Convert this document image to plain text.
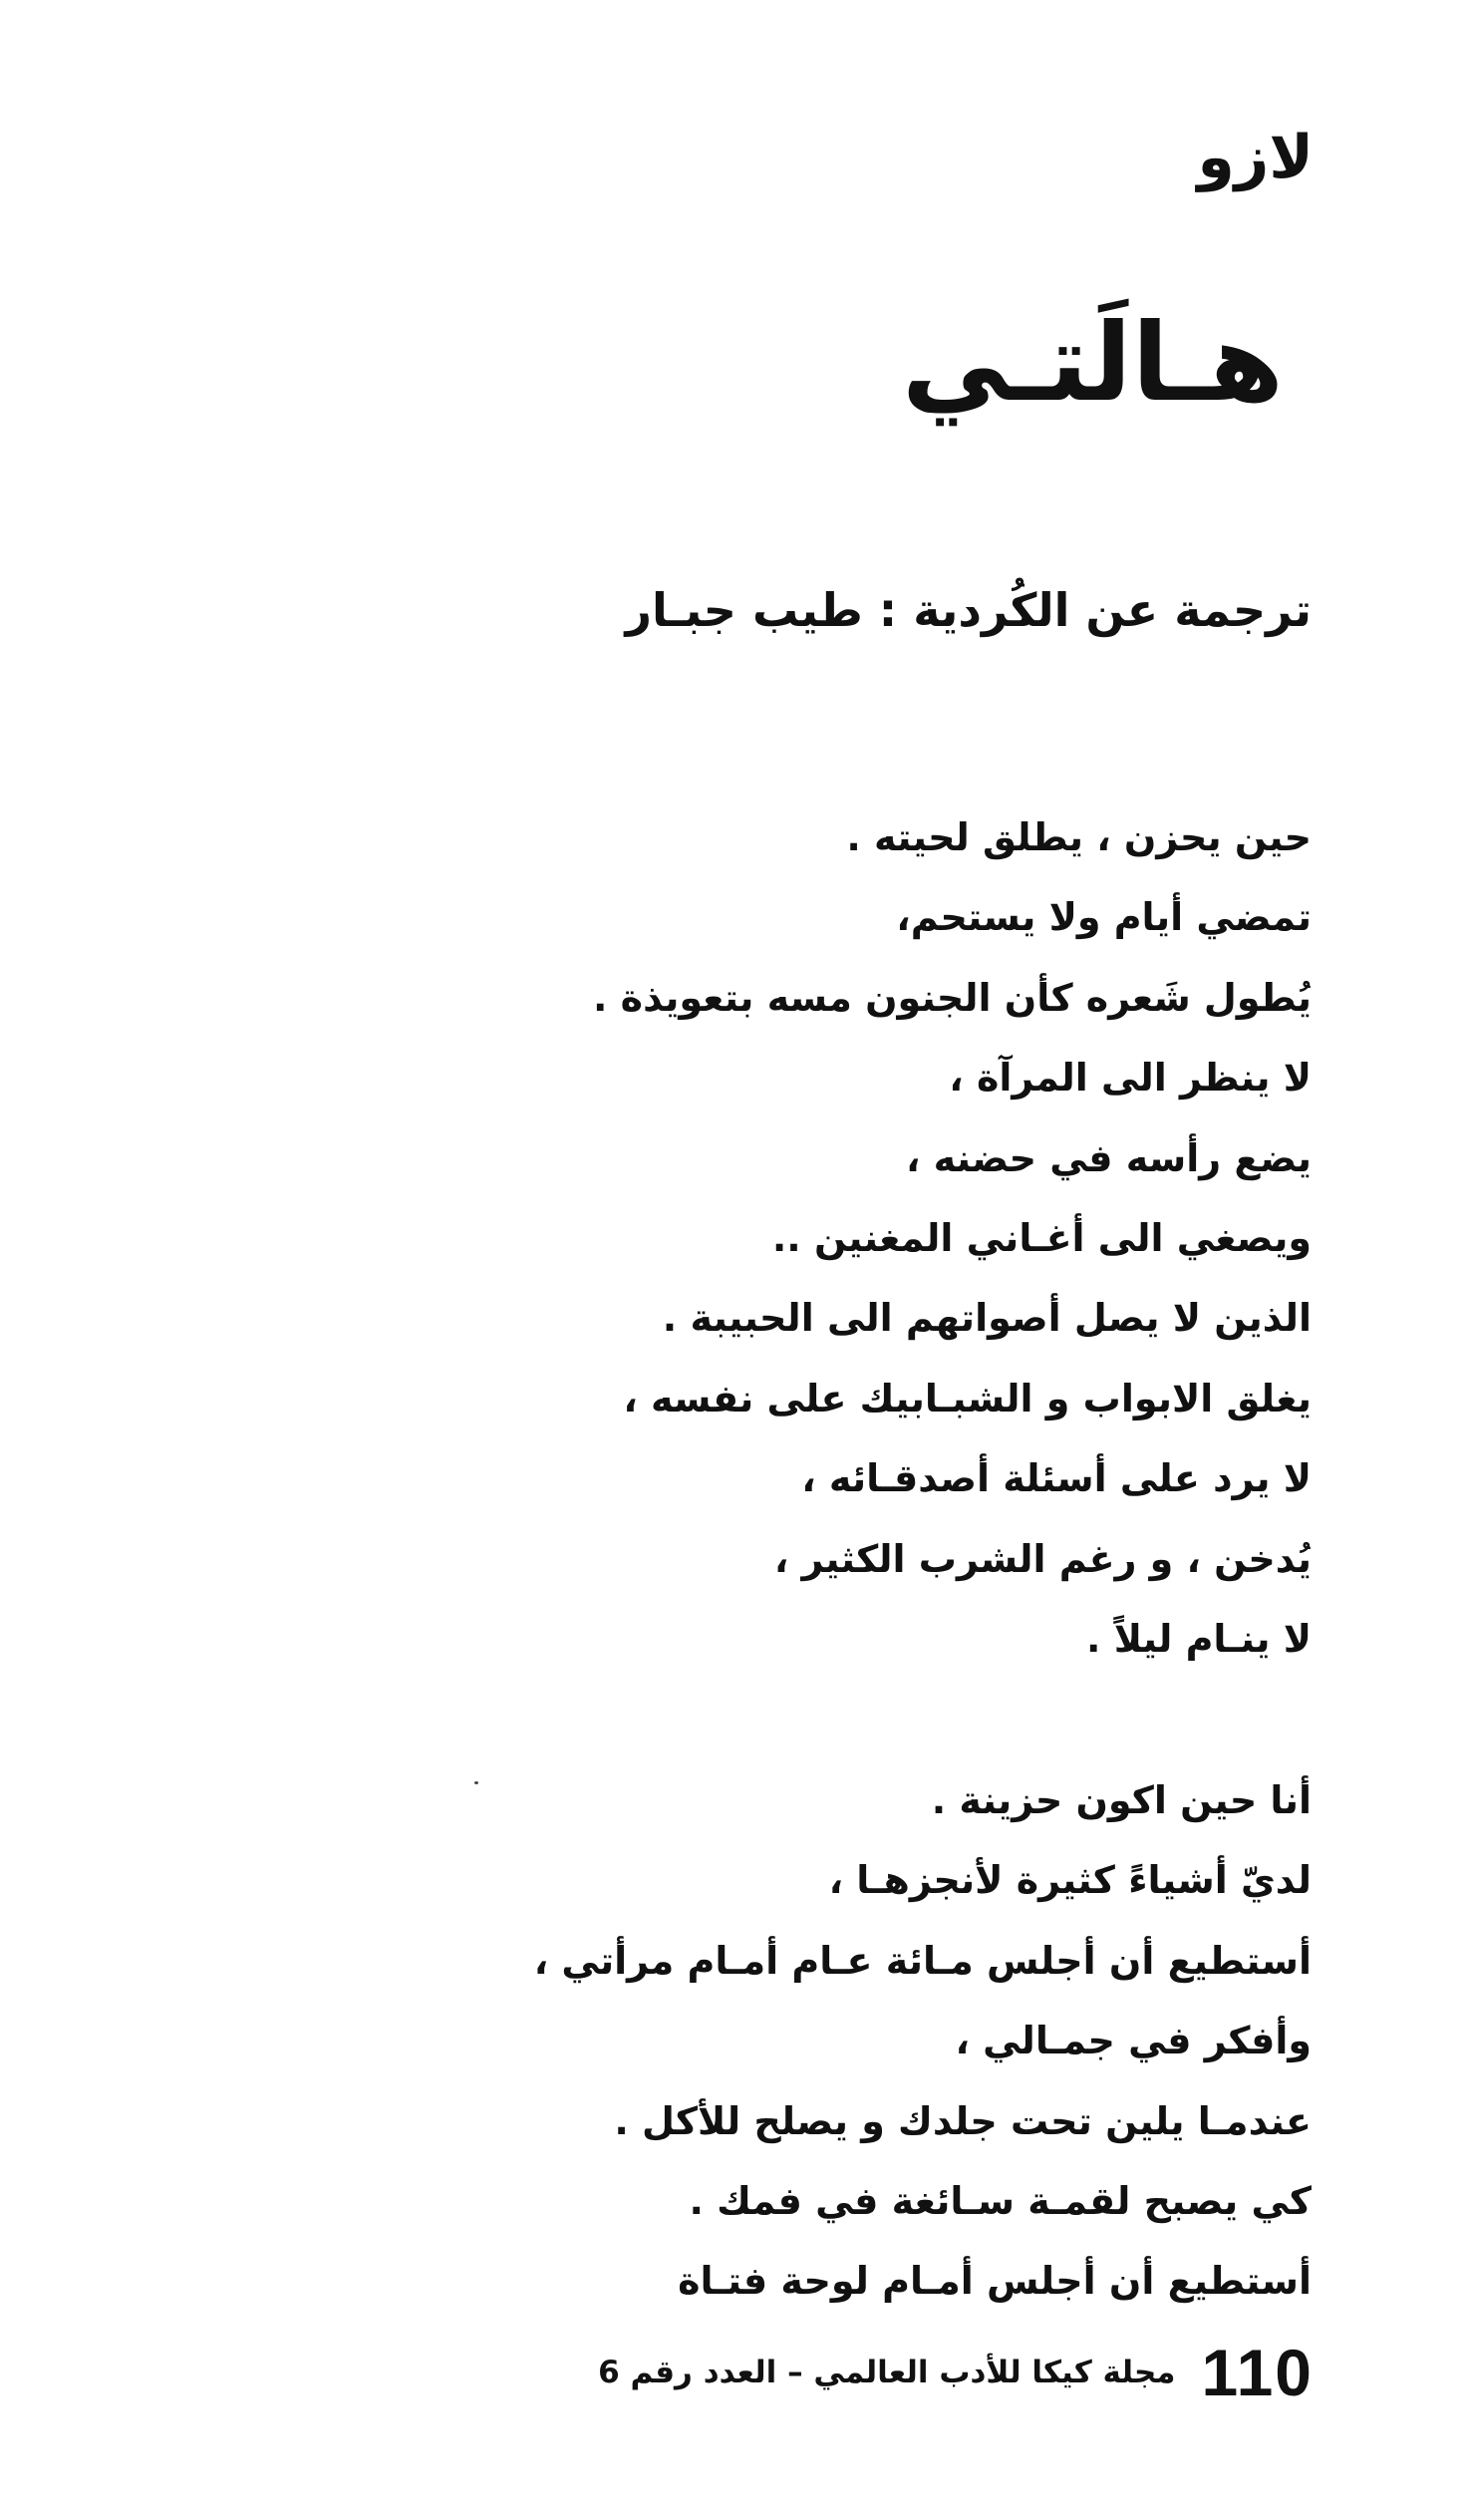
لازو
هـالَتـي
ترجمة عن الكُردية : طيب جبـار
حين يحزن ، يطلق لحيته .
تمضي أيام ولا يستحم،
يُطول شَعره كأن الجنون مسه بتعويذة .
لا ينظر الى المرآة ،
يضع رأسه في حضنه ،
ويصغي الى أغـاني المغنين ..
الذين لا يصل أصواتهم الى الحبيبة .
يغلق الابواب و الشبـابيك على نفسه ،
لا يرد على أسئلة أصدقـائه ،
يُدخن ، و رغم الشرب الكثير ،
لا ينـام ليلاً .
أنا حين اكون حزينة .
لديّ أشياءً كثيرة لأنجزهـا ،
أستطيع أن أجلس مـائة عـام أمـام مرأتي ،
وأفكر في جمـالي ،
عندمـا يلين تحت جلدك و يصلح للأكل .
كي يصبح لقمـة سـائغة في فمك .
أستطيع أن أجلس أمـام لوحة فتـاة
110
مجلة كيكا للأدب العالمي – العدد رقم 6
